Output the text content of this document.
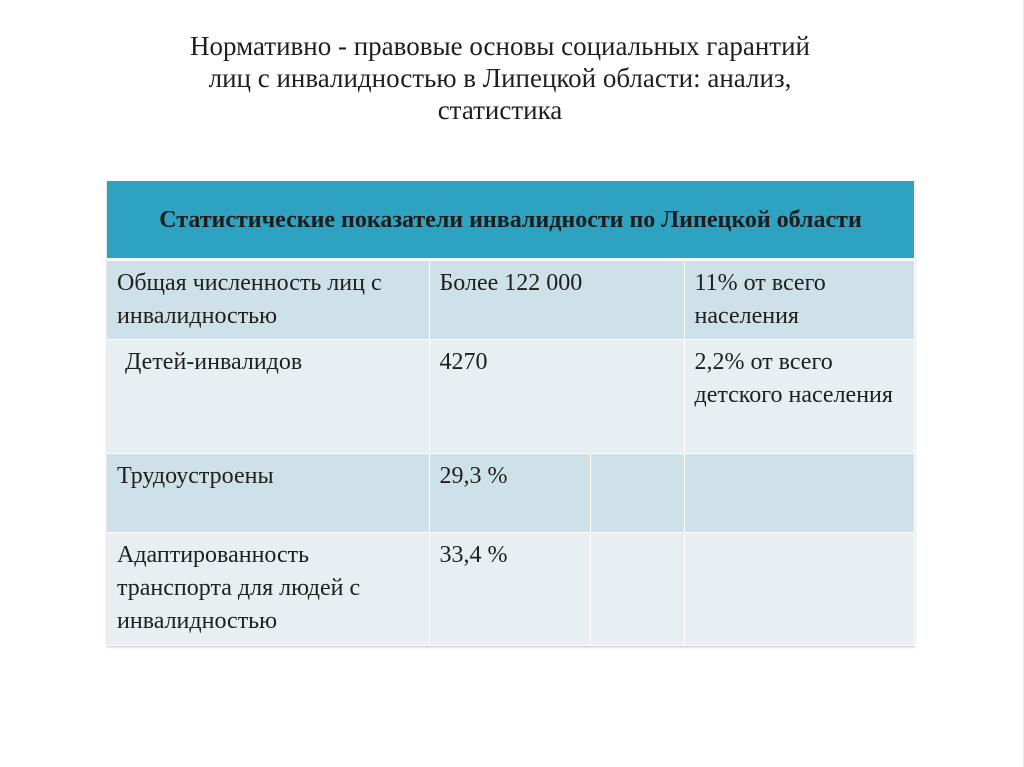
Нормативно - правовые основы социальных гарантий
лиц с инвалидностью в Липецкой области: анализ,
статистика
Статистические показатели инвалидности по Липецкой области			
Общая численность лиц с инвалидностью	Более 122 000		11% от всего населения
Детей-инвалидов	4270		2,2% от всего детского населения
Трудоустроены	29,3 %		
Адаптированность транспорта для людей с инвалидностью	33,4 %		
